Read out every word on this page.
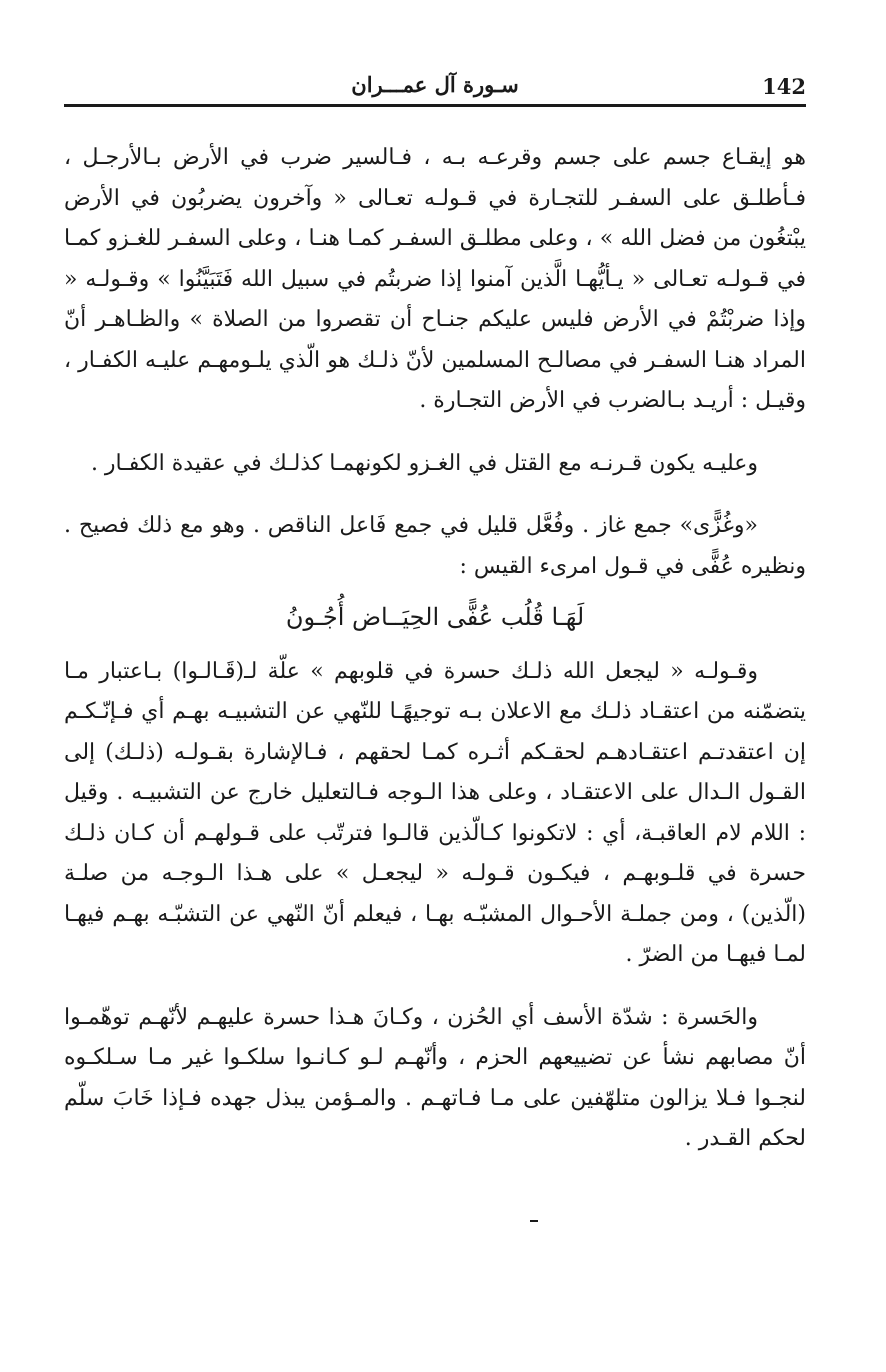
142
سـورة آل عمـــران

هو إيقـاع جسم على جسم وقرعـه بـه ، فـالسير ضرب في الأرض بـالأرجـل ، فـأطلـق على السفـر للتجـارة في قـولـه تعـالى « وآخرون يضربُون في الأرض يبْتغُون من فضل الله » ، وعلى مطلـق السفـر كمـا هنـا ، وعلى السفـر للغـزو كمـا في قـولـه تعـالى « يـأيُّهـا الَّذين آمنوا إذا ضربتُم في سبيل الله فَتَبَيَّنُوا » وقـولـه « وإذا ضربْتُمْ في الأرض فليس عليكم جنـاح أن تقصروا من الصلاة » والظـاهـر أنّ المراد هنـا السفـر في مصالـح المسلمين لأنّ ذلـك هو الّذي يلـومهـم عليـه الكفـار ، وقيـل : أريـد بـالضرب في الأرض التجـارة .

وعليـه يكون قـرنـه مع القتل في الغـزو لكونهمـا كذلـك في عقيدة الكفـار .

«وغُزًّى» جمع غاز . وفُعَّل قليل في جمع فَاعل الناقص . وهو مع ذلك فصيح . ونظيره عُفًّى في قـول امرىء القيس :

لَهَـا قُلُب عُفًّى الحِيَــاض أُجُـونُ

وقـولـه « ليجعل الله ذلـك حسرة في قلوبهم » علّة لـ(قَـالـوا) بـاعتبار مـا يتضمّنه من اعتقـاد ذلـك مع الاعلان بـه توجيهًـا للنّهي عن التشبيـه بهـم أي فـإنّـكـم إن اعتقدتـم اعتقـادهـم لحقـكم أثـره كمـا لحقهم ، فـالإشارة بقـولـه (ذلـك) إلى القـول الـدال على الاعتقـاد ، وعلى هذا الـوجه فـالتعليل خارج عن التشبيـه . وقيل : اللام لام العاقبـة، أي : لاتكونوا كـالّذين قالـوا فترتّب على قـولهـم أن كـان ذلـك حسرة في قلـوبهـم ، فيكـون قـولـه « ليجعـل » على هـذا الـوجـه من صلـة (الّذين) ، ومن جملـة الأحـوال المشبّـه بهـا ، فيعلم أنّ النّهي عن التشبّـه بهـم فيهـا لمـا فيهـا من الضرّ .

والحَسرة : شدّة الأسف أي الحُزن ، وكـانَ هـذا حسرة عليهـم لأنّهـم توهّمـوا أنّ مصابهم نشأ عن تضييعهم الحزم ، وأنّهـم لـو كـانـوا سلكـوا غير مـا سـلكـوه لنجـوا فـلا يزالون متلهّفين على مـا فـاتهـم . والمـؤمن يبذل جهده فـإذا خَابَ سلّم لحكم القـدر .
